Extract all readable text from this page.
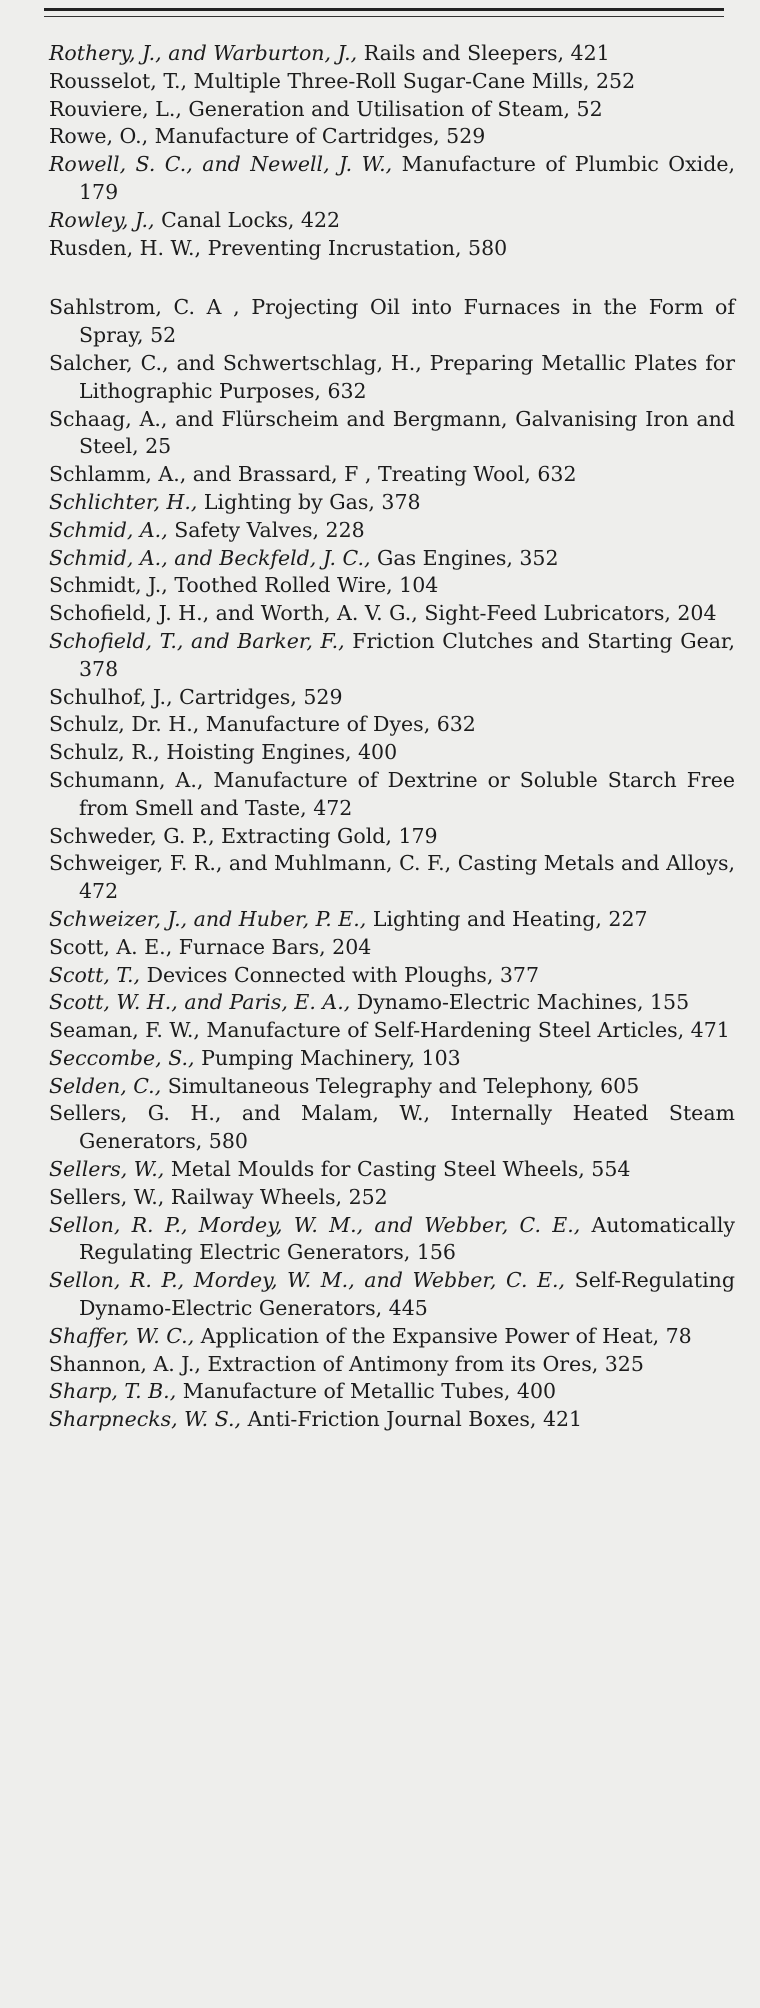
Rothery, J., and Warburton, J., Rails and Sleepers, 421

Rousselot, T., Multiple Three-Roll Sugar-Cane Mills, 252

Rouviere, L., Generation and Utilisation of Steam, 52

Rowe, O., Manufacture of Cartridges, 529

Rowell, S. C., and Newell, J. W., Manufacture of Plumbic Oxide, 179

Rowley, J., Canal Locks, 422

Rusden, H. W., Preventing Incrustation, 580

Sahlstrom, C. A , Projecting Oil into Furnaces in the Form of Spray, 52

Salcher, C., and Schwertschlag, H., Preparing Metallic Plates for Lithographic Purposes, 632

Schaag, A., and Flürscheim and Bergmann, Galvanising Iron and Steel, 25

Schlamm, A., and Brassard, F , Treating Wool, 632

Schlichter, H., Lighting by Gas, 378

Schmid, A., Safety Valves, 228

Schmid, A., and Beckfeld, J. C., Gas Engines, 352

Schmidt, J., Toothed Rolled Wire, 104

Schofield, J. H., and Worth, A. V. G., Sight-Feed Lubricators, 204

Schofield, T., and Barker, F., Friction Clutches and Starting Gear, 378

Schulhof, J., Cartridges, 529

Schulz, Dr. H., Manufacture of Dyes, 632

Schulz, R., Hoisting Engines, 400

Schumann, A., Manufacture of Dextrine or Soluble Starch Free from Smell and Taste, 472

Schweder, G. P., Extracting Gold, 179

Schweiger, F. R., and Muhlmann, C. F., Casting Metals and Alloys, 472

Schweizer, J., and Huber, P. E., Lighting and Heating, 227

Scott, A. E., Furnace Bars, 204

Scott, T., Devices Connected with Ploughs, 377

Scott, W. H., and Paris, E. A., Dynamo-Electric Machines, 155

Seaman, F. W., Manufacture of Self-Hardening Steel Articles, 471

Seccombe, S., Pumping Machinery, 103

Selden, C., Simultaneous Telegraphy and Telephony, 605

Sellers, G. H., and Malam, W., Internally Heated Steam Generators, 580

Sellers, W., Metal Moulds for Casting Steel Wheels, 554

Sellers, W., Railway Wheels, 252

Sellon, R. P., Mordey, W. M., and Webber, C. E., Automatically Regulating Electric Generators, 156

Sellon, R. P., Mordey, W. M., and Webber, C. E., Self-Regulating Dynamo-Electric Generators, 445

Shaffer, W. C., Application of the Expansive Power of Heat, 78

Shannon, A. J., Extraction of Antimony from its Ores, 325

Sharp, T. B., Manufacture of Metallic Tubes, 400

Sharpnecks, W. S., Anti-Friction Journal Boxes, 421
